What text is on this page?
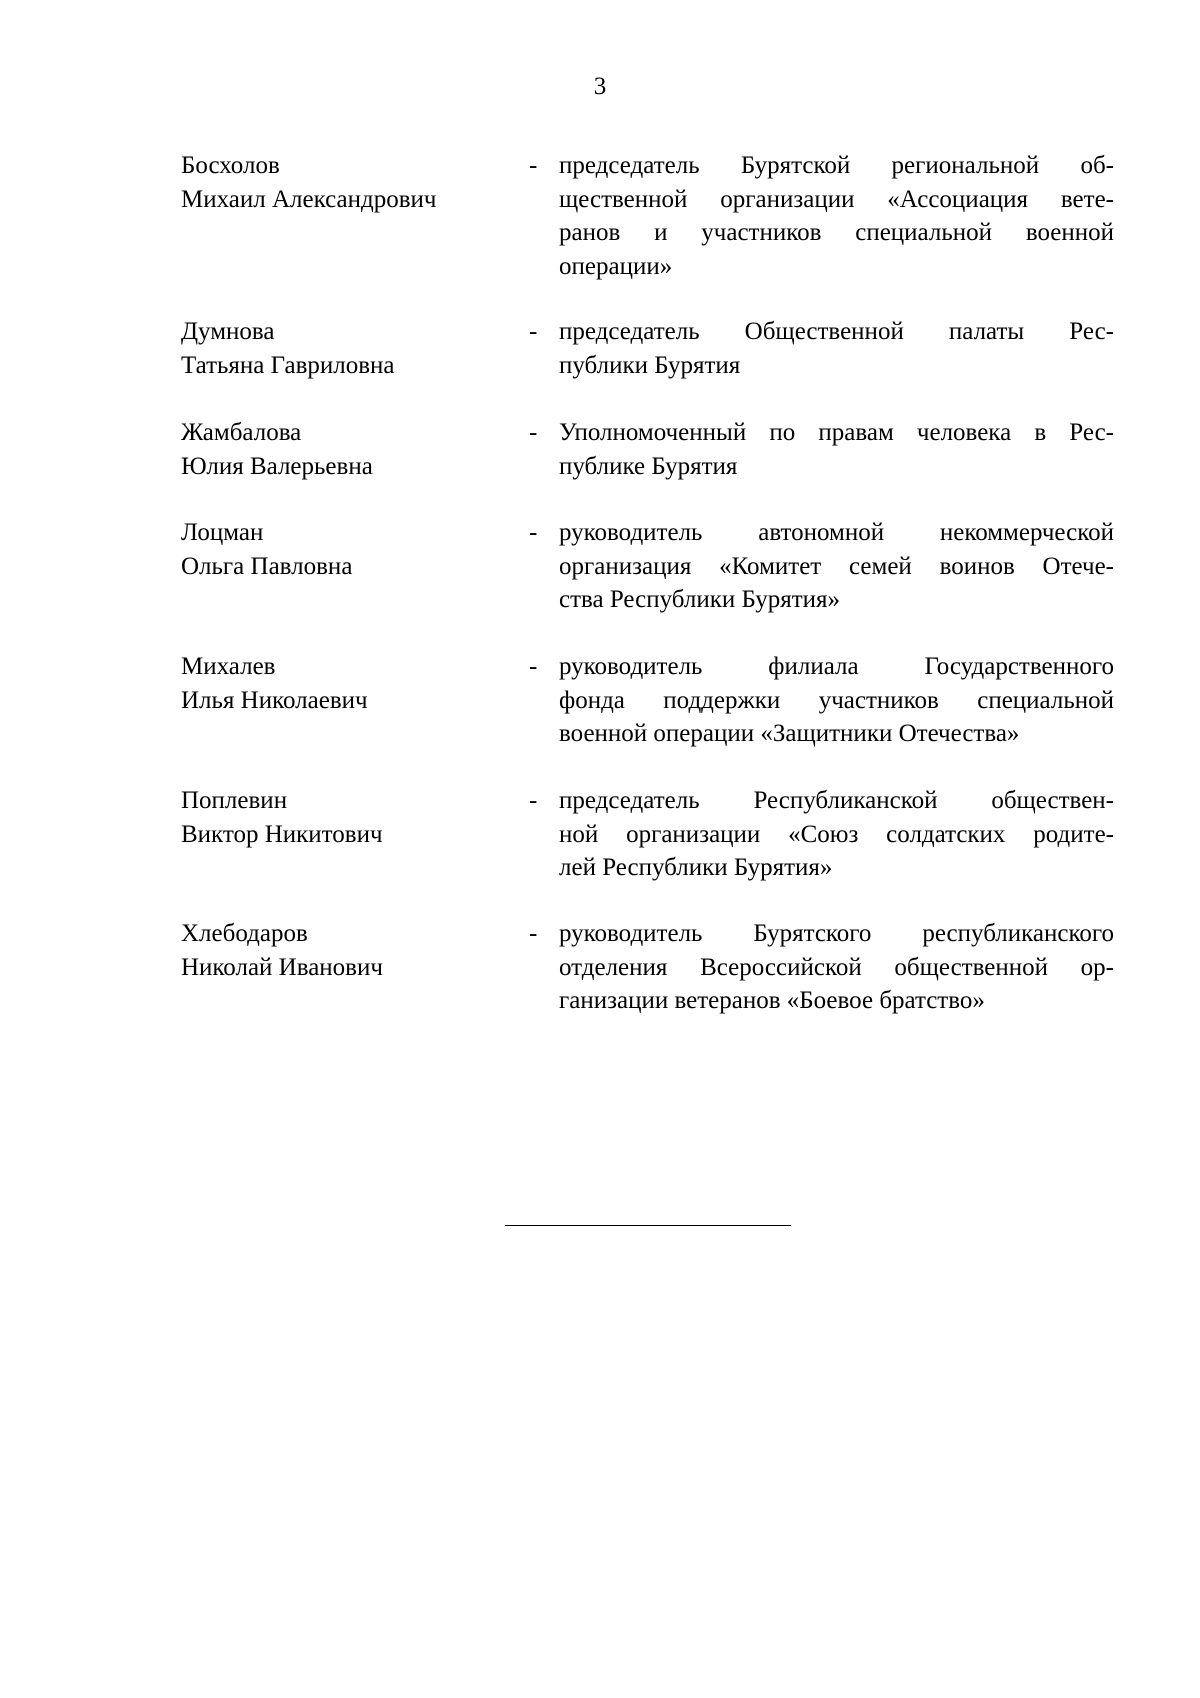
3
Босхолов
Михаил Александрович
- председатель Бурятской региональной об-
щественной организации «Ассоциация вете-
ранов и участников специальной военной
операции»
Думнова
Татьяна Гавриловна
- председатель Общественной палаты Рес-
публики Бурятия
Жамбалова
Юлия Валерьевна
- Уполномоченный по правам человека в Рес-
публике Бурятия
Лоцман
Ольга Павловна
- руководитель автономной некоммерческой
организация «Комитет семей воинов Отече-
ства Республики Бурятия»
Михалев
Илья Николаевич
- руководитель филиала Государственного
фонда поддержки участников специальной
военной операции «Защитники Отечества»
Поплевин
Виктор Никитович
- председатель Республиканской обществен-
ной организации «Союз солдатских родите-
лей Республики Бурятия»
Хлебодаров
Николай Иванович
- руководитель Бурятского республиканского
отделения Всероссийской общественной ор-
ганизации ветеранов «Боевое братство»
